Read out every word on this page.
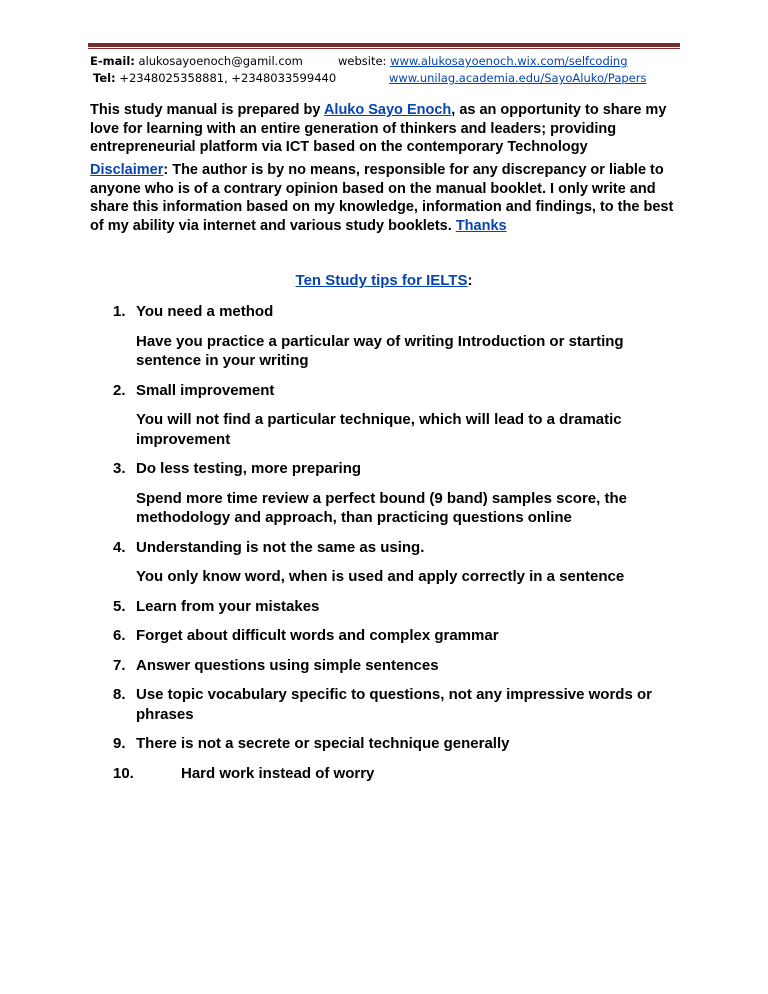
E-mail: alukosayoenoch@gamil.com
Tel: +2348025358881, +2348033599440
website: www.alukosayoenoch.wix.com/selfcoding
www.unilag.academia.edu/SayoAluko/Papers
This study manual is prepared by Aluko Sayo Enoch, as an opportunity to share my love for learning with an entire generation of thinkers and leaders; providing entrepreneurial platform via ICT based on the contemporary Technology
Disclaimer: The author is by no means, responsible for any discrepancy or liable to anyone who is of a contrary opinion based on the manual booklet. I only write and share this information based on my knowledge, information and findings, to the best of my ability via internet and various study booklets. Thanks
Ten Study tips for IELTS:
1. You need a method
Have you practice a particular way of writing Introduction or starting sentence in your writing
2. Small improvement
You will not find a particular technique, which will lead to a dramatic improvement
3. Do less testing, more preparing
Spend more time review a perfect bound (9 band) samples score, the methodology and approach, than practicing questions online
4. Understanding is not the same as using.
You only know word, when is used and apply correctly in a sentence
5. Learn from your mistakes
6. Forget about difficult words and complex grammar
7. Answer questions using simple sentences
8. Use topic vocabulary specific to questions, not any impressive words or phrases
9. There is not a secrete or special technique generally
10.	Hard work instead of worry
